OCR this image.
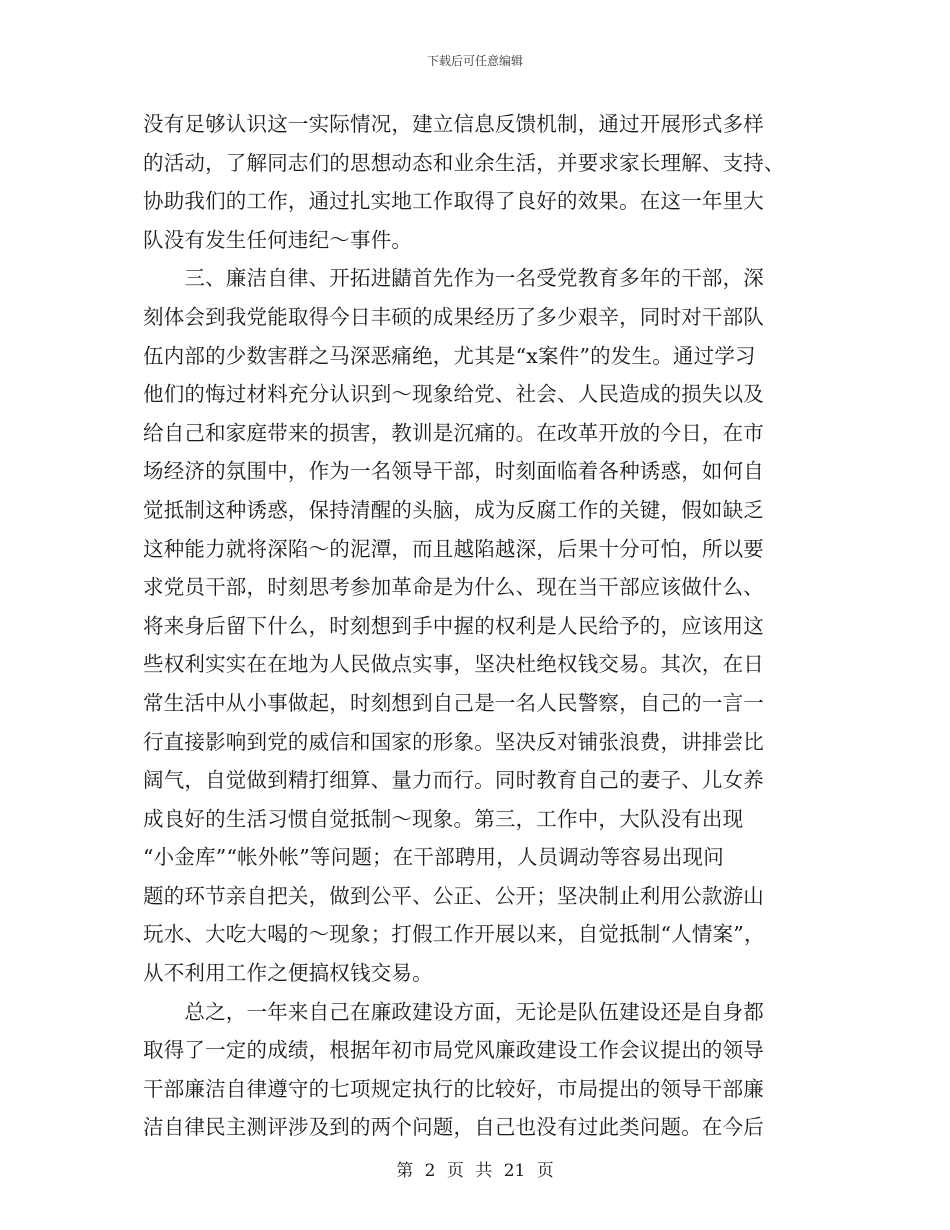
下载后可任意编辑
没有足够认识这一实际情况，建立信息反馈机制，通过开展形式多样
的活动，了解同志们的思想动态和业余生活，并要求家长理解、支持、
协助我们的工作，通过扎实地工作取得了良好的效果。在这一年里大
队没有发生任何违纪～事件。
　　三、廉洁自律、开拓进鼱首先作为一名受党教育多年的干部，深
刻体会到我党能取得今日丰硕的成果经历了多少艰辛，同时对干部队
伍内部的少数害群之马深恶痛绝，尤其是“x案件”的发生。通过学习
他们的悔过材料充分认识到～现象给党、社会、人民造成的损失以及
给自己和家庭带来的损害，教训是沉痛的。在改革开放的今日，在市
场经济的氛围中，作为一名领导干部，时刻面临着各种诱惑，如何自
觉抵制这种诱惑，保持清醒的头脑，成为反腐工作的关键，假如缺乏
这种能力就将深陷～的泥潭，而且越陷越深，后果十分可怕，所以要
求党员干部，时刻思考参加革命是为什么、现在当干部应该做什么、
将来身后留下什么，时刻想到手中握的权利是人民给予的，应该用这
些权利实实在在地为人民做点实事，坚决杜绝权钱交易。其次，在日
常生活中从小事做起，时刻想到自己是一名人民警察，自己的一言一
行直接影响到党的威信和国家的形象。坚决反对铺张浪费，讲排尝比
阔气，自觉做到精打细算、量力而行。同时教育自己的妻子、儿女养
成良好的生活习惯自觉抵制～现象。第三，工作中，大队没有出现
“小金库”“帐外帐”等问题；在干部聘用，人员调动等容易出现问
题的环节亲自把关，做到公平、公正、公开；坚决制止利用公款游山
玩水、大吃大喝的～现象；打假工作开展以来，自觉抵制“人情案”，
从不利用工作之便搞权钱交易。
　　总之，一年来自己在廉政建设方面，无论是队伍建设还是自身都
取得了一定的成绩，根据年初市局党风廉政建设工作会议提出的领导
干部廉洁自律遵守的七项规定执行的比较好，市局提出的领导干部廉
洁自律民主测评涉及到的两个问题，自己也没有过此类问题。在今后
第 2 页 共 21 页
